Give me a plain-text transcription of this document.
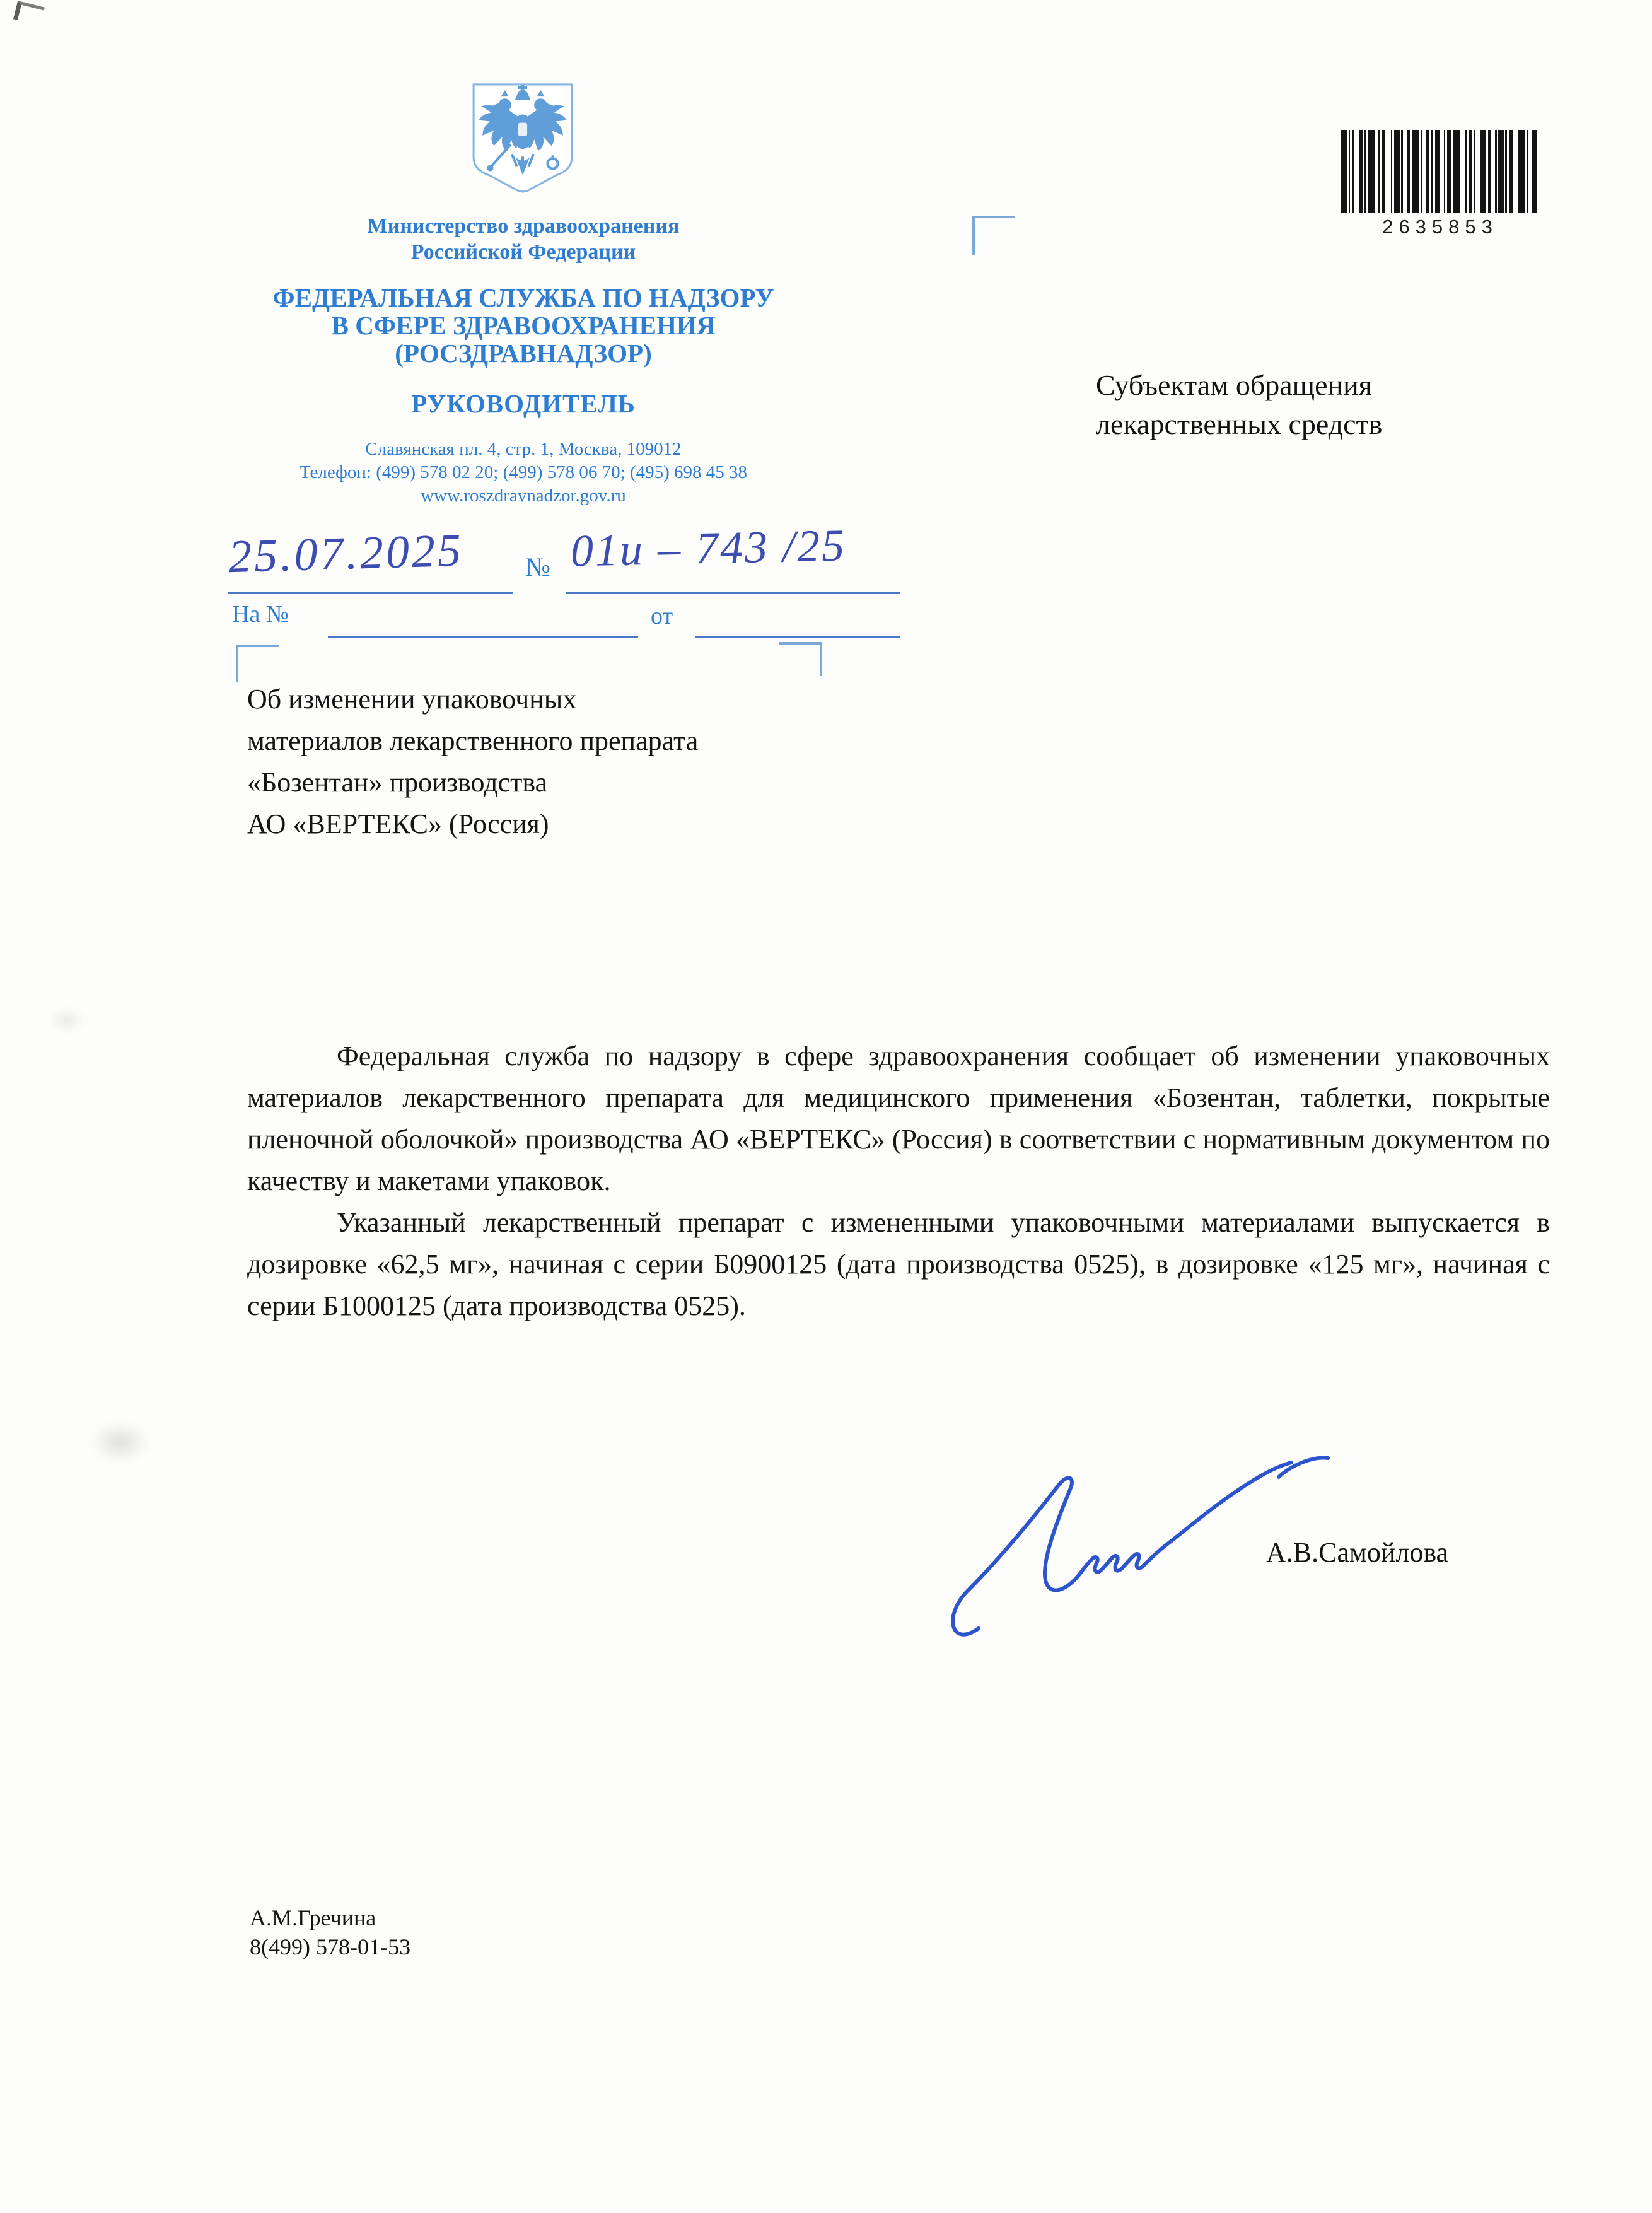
Министерство здравоохранения
Российской Федерации
ФЕДЕРАЛЬНАЯ СЛУЖБА ПО НАДЗОРУ
В СФЕРЕ ЗДРАВООХРАНЕНИЯ
(РОСЗДРАВНАДЗОР)
РУКОВОДИТЕЛЬ
Славянская пл. 4, стр. 1, Москва, 109012
Телефон: (499) 578 02 20; (499) 578 06 70; (495) 698 45 38
www.roszdravnadzor.gov.ru
2635853
Субъектам обращения
лекарственных средств
25.07.2025 № 01и – 743 /25
На №	от
Об изменении упаковочных
материалов лекарственного препарата
«Бозентан» производства
АО «ВЕРТЕКС» (Россия)

Федеральная служба по надзору в сфере здравоохранения сообщает об изменении упаковочных материалов лекарственного препарата для медицинского применения «Бозентан, таблетки, покрытые пленочной оболочкой» производства АО «ВЕРТЕКС» (Россия) в соответствии с нормативным документом по качеству и макетами упаковок.

Указанный лекарственный препарат с измененными упаковочными материалами выпускается в дозировке «62,5 мг», начиная с серии Б0900125 (дата производства 0525), в дозировке «125 мг», начиная с серии Б1000125 (дата производства 0525).

А.В.Самойлова
А.М.Гречина
8(499) 578-01-53
